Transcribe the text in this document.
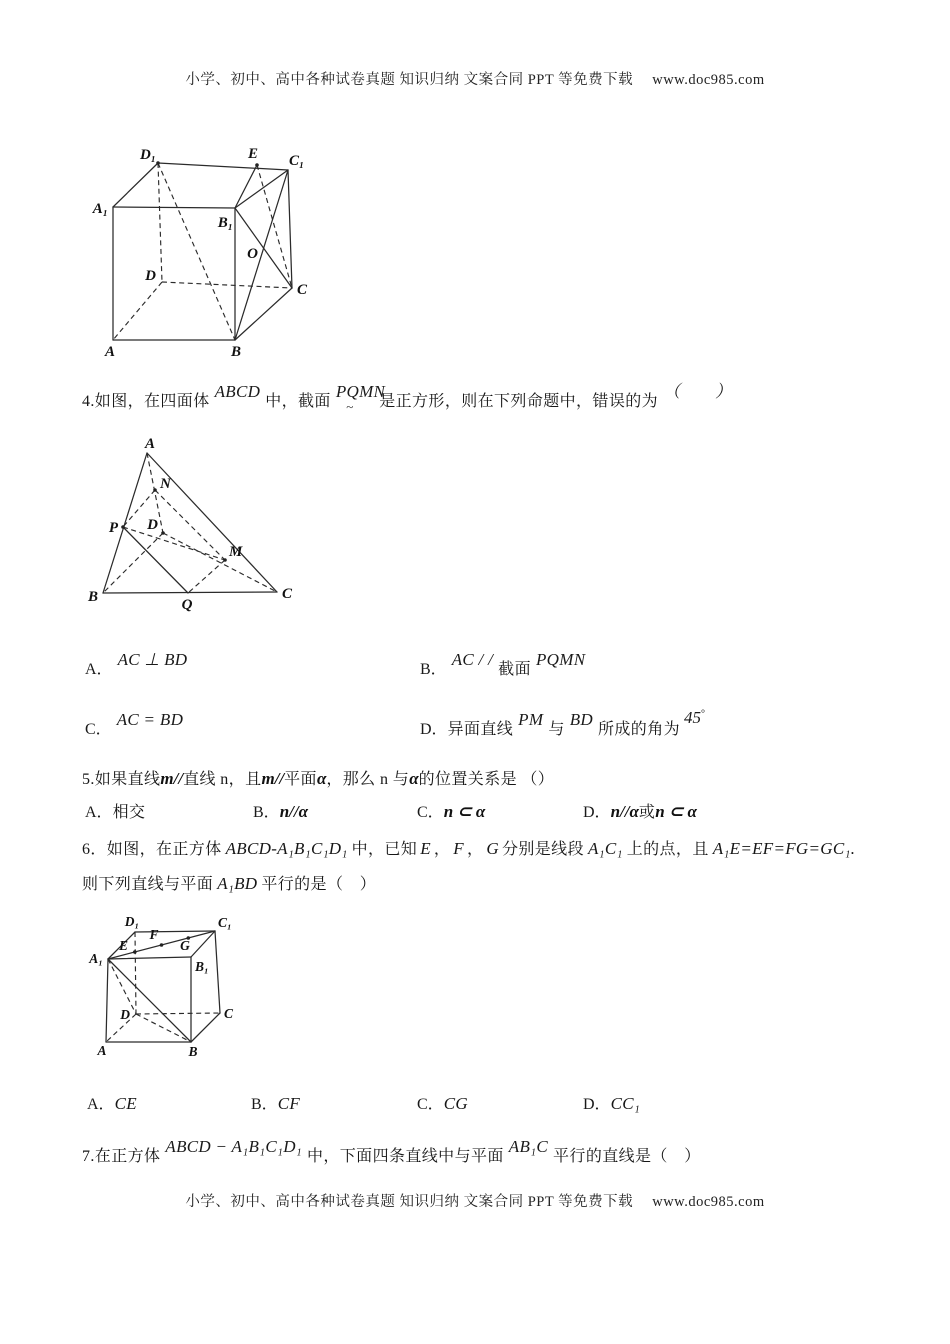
小学、初中、高中各种试卷真题 知识归纳 文案合同 PPT 等免费下载　 www.doc985.com
D₁	E C₁
A₁
B₁
O
D
C
A	B
4.如图，在四面体ABCD中，截面$PQMN_\sim$ 是正方形，则在下列命题中，错误的为（　　）
A
N
P D
M
B	Q
C
A．AC ⊥ BD
B．AC / /截面PQMN
C．AC = BD
D．异面直线PM与BD所成的角为45°
5.如果直线m//直线 n，且m//平面α，那么 n 与α的位置关系是 （）
A．相交	B．n//α	C．n ⊂ α	D．n//α或n ⊂ α
6．如图，在正方体 ABCD-A₁B₁C₁D₁ 中，已知 E ， F ， G 分别是线段 A₁C₁ 上的点，且 A₁E=EF=FG=GC₁.
则下列直线与平面 A₁BD 平行的是（　）
D₁	C₁
A₁
B₁
E
F
G
D	C
A	B
A．CE	B．CF	C．CG	D．CC₁
7.在正方体ABCD − A₁B₁C₁D₁中，下面四条直线中与平面AB₁C平行的直线是（　）
小学、初中、高中各种试卷真题 知识归纳 文案合同 PPT 等免费下载　 www.doc985.com
